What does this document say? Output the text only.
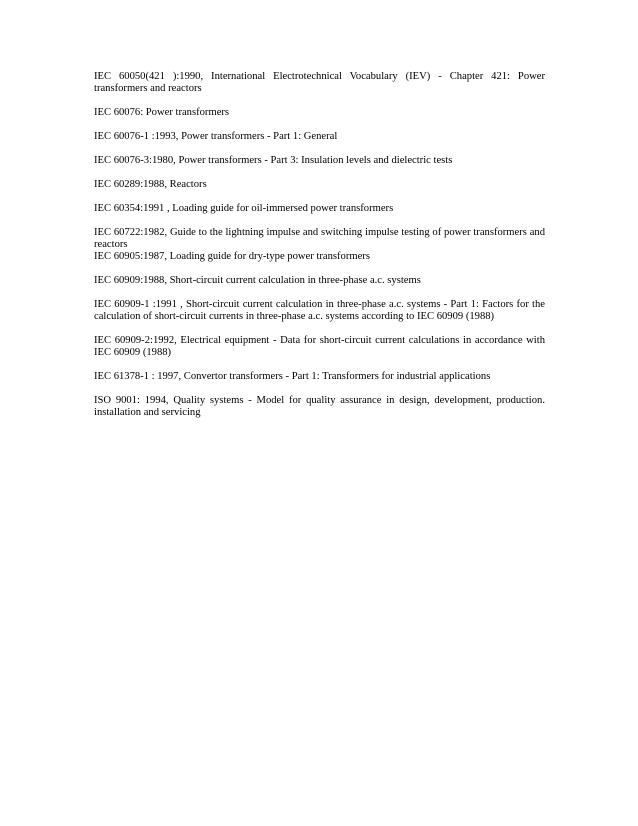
IEC 60050(421 ):1990, International Electrotechnical Vocabulary (IEV) - Chapter 421: Power transformers and reactors

IEC 60076: Power transformers

IEC 60076-1 :1993, Power transformers - Part 1: General

IEC 60076-3:1980, Power transformers - Part 3: Insulation levels and dielectric tests

IEC 60289:1988, Reactors

IEC 60354:1991 , Loading guide for oil-immersed power transformers

IEC 60722:1982, Guide to the lightning impulse and switching impulse testing of power transformers and reactors

IEC 60905:1987, Loading guide for dry-type power transformers

IEC 60909:1988, Short-circuit current calculation in three-phase a.c. systems

IEC 60909-1 :1991 , Short-circuit current calculation in three-phase a.c. systems - Part 1: Factors for the calculation of short-circuit currents in three-phase a.c. systems according to IEC 60909 (1988)

IEC 60909-2:1992, Electrical equipment - Data for short-circuit current calculations in accordance with IEC 60909 (1988)

IEC 61378-1 : 1997, Convertor transformers - Part 1: Transformers for industrial applications

ISO 9001: 1994, Quality systems - Model for quality assurance in design, development, production. installation and servicing
